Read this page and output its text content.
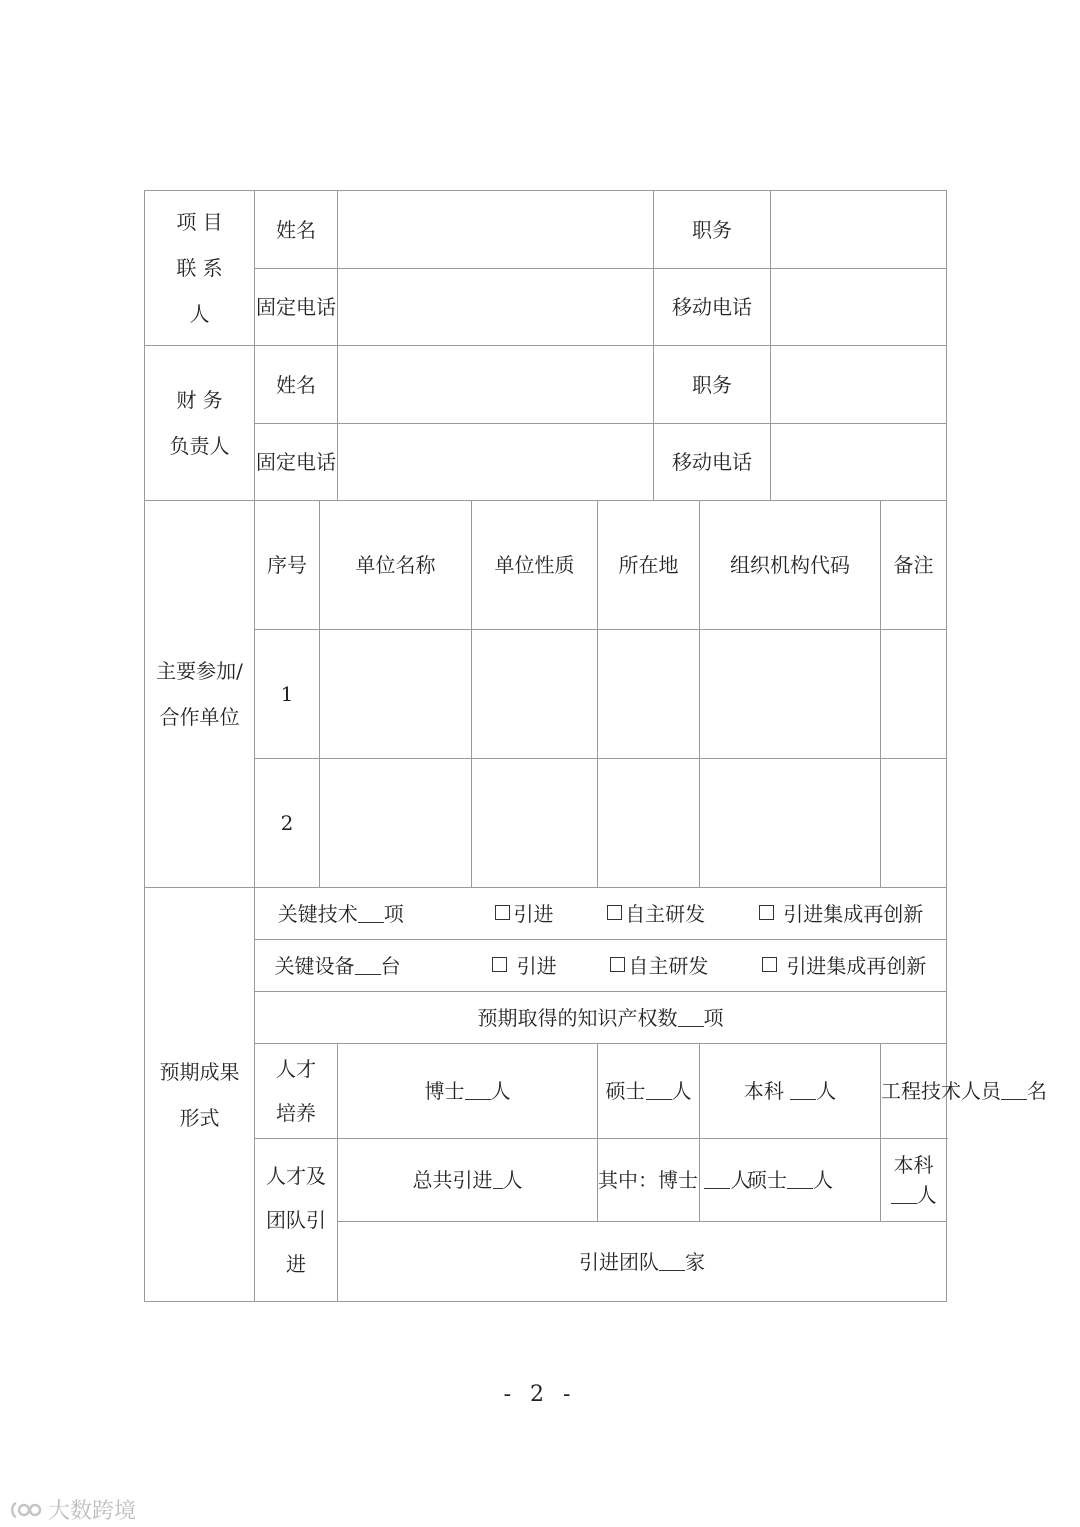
项 目
联 系
人	姓名					职务			
	固定电话					移动电话			
财 务
负责人	姓名					职务			
	固定电话					移动电话			
主要参加/
合作单位	序号	单位名称		单位性质	所在地		组织机构代码		备注
	1								
	2								
预期成果
形式	关键技术 项 引进 自主研发 引进集成再创新								
	关键设备 台 引进 自主研发 引进集成再创新								
	预期取得的知识产权数 项								
	人才
培养		博士 人		硕士 人		本科 人		工程技术人员 名
	人才及
团队引
进		总共引进 人		其中：博士 人		硕士 人		本科人
			引进团队 家						
- 2 -
大数跨境
